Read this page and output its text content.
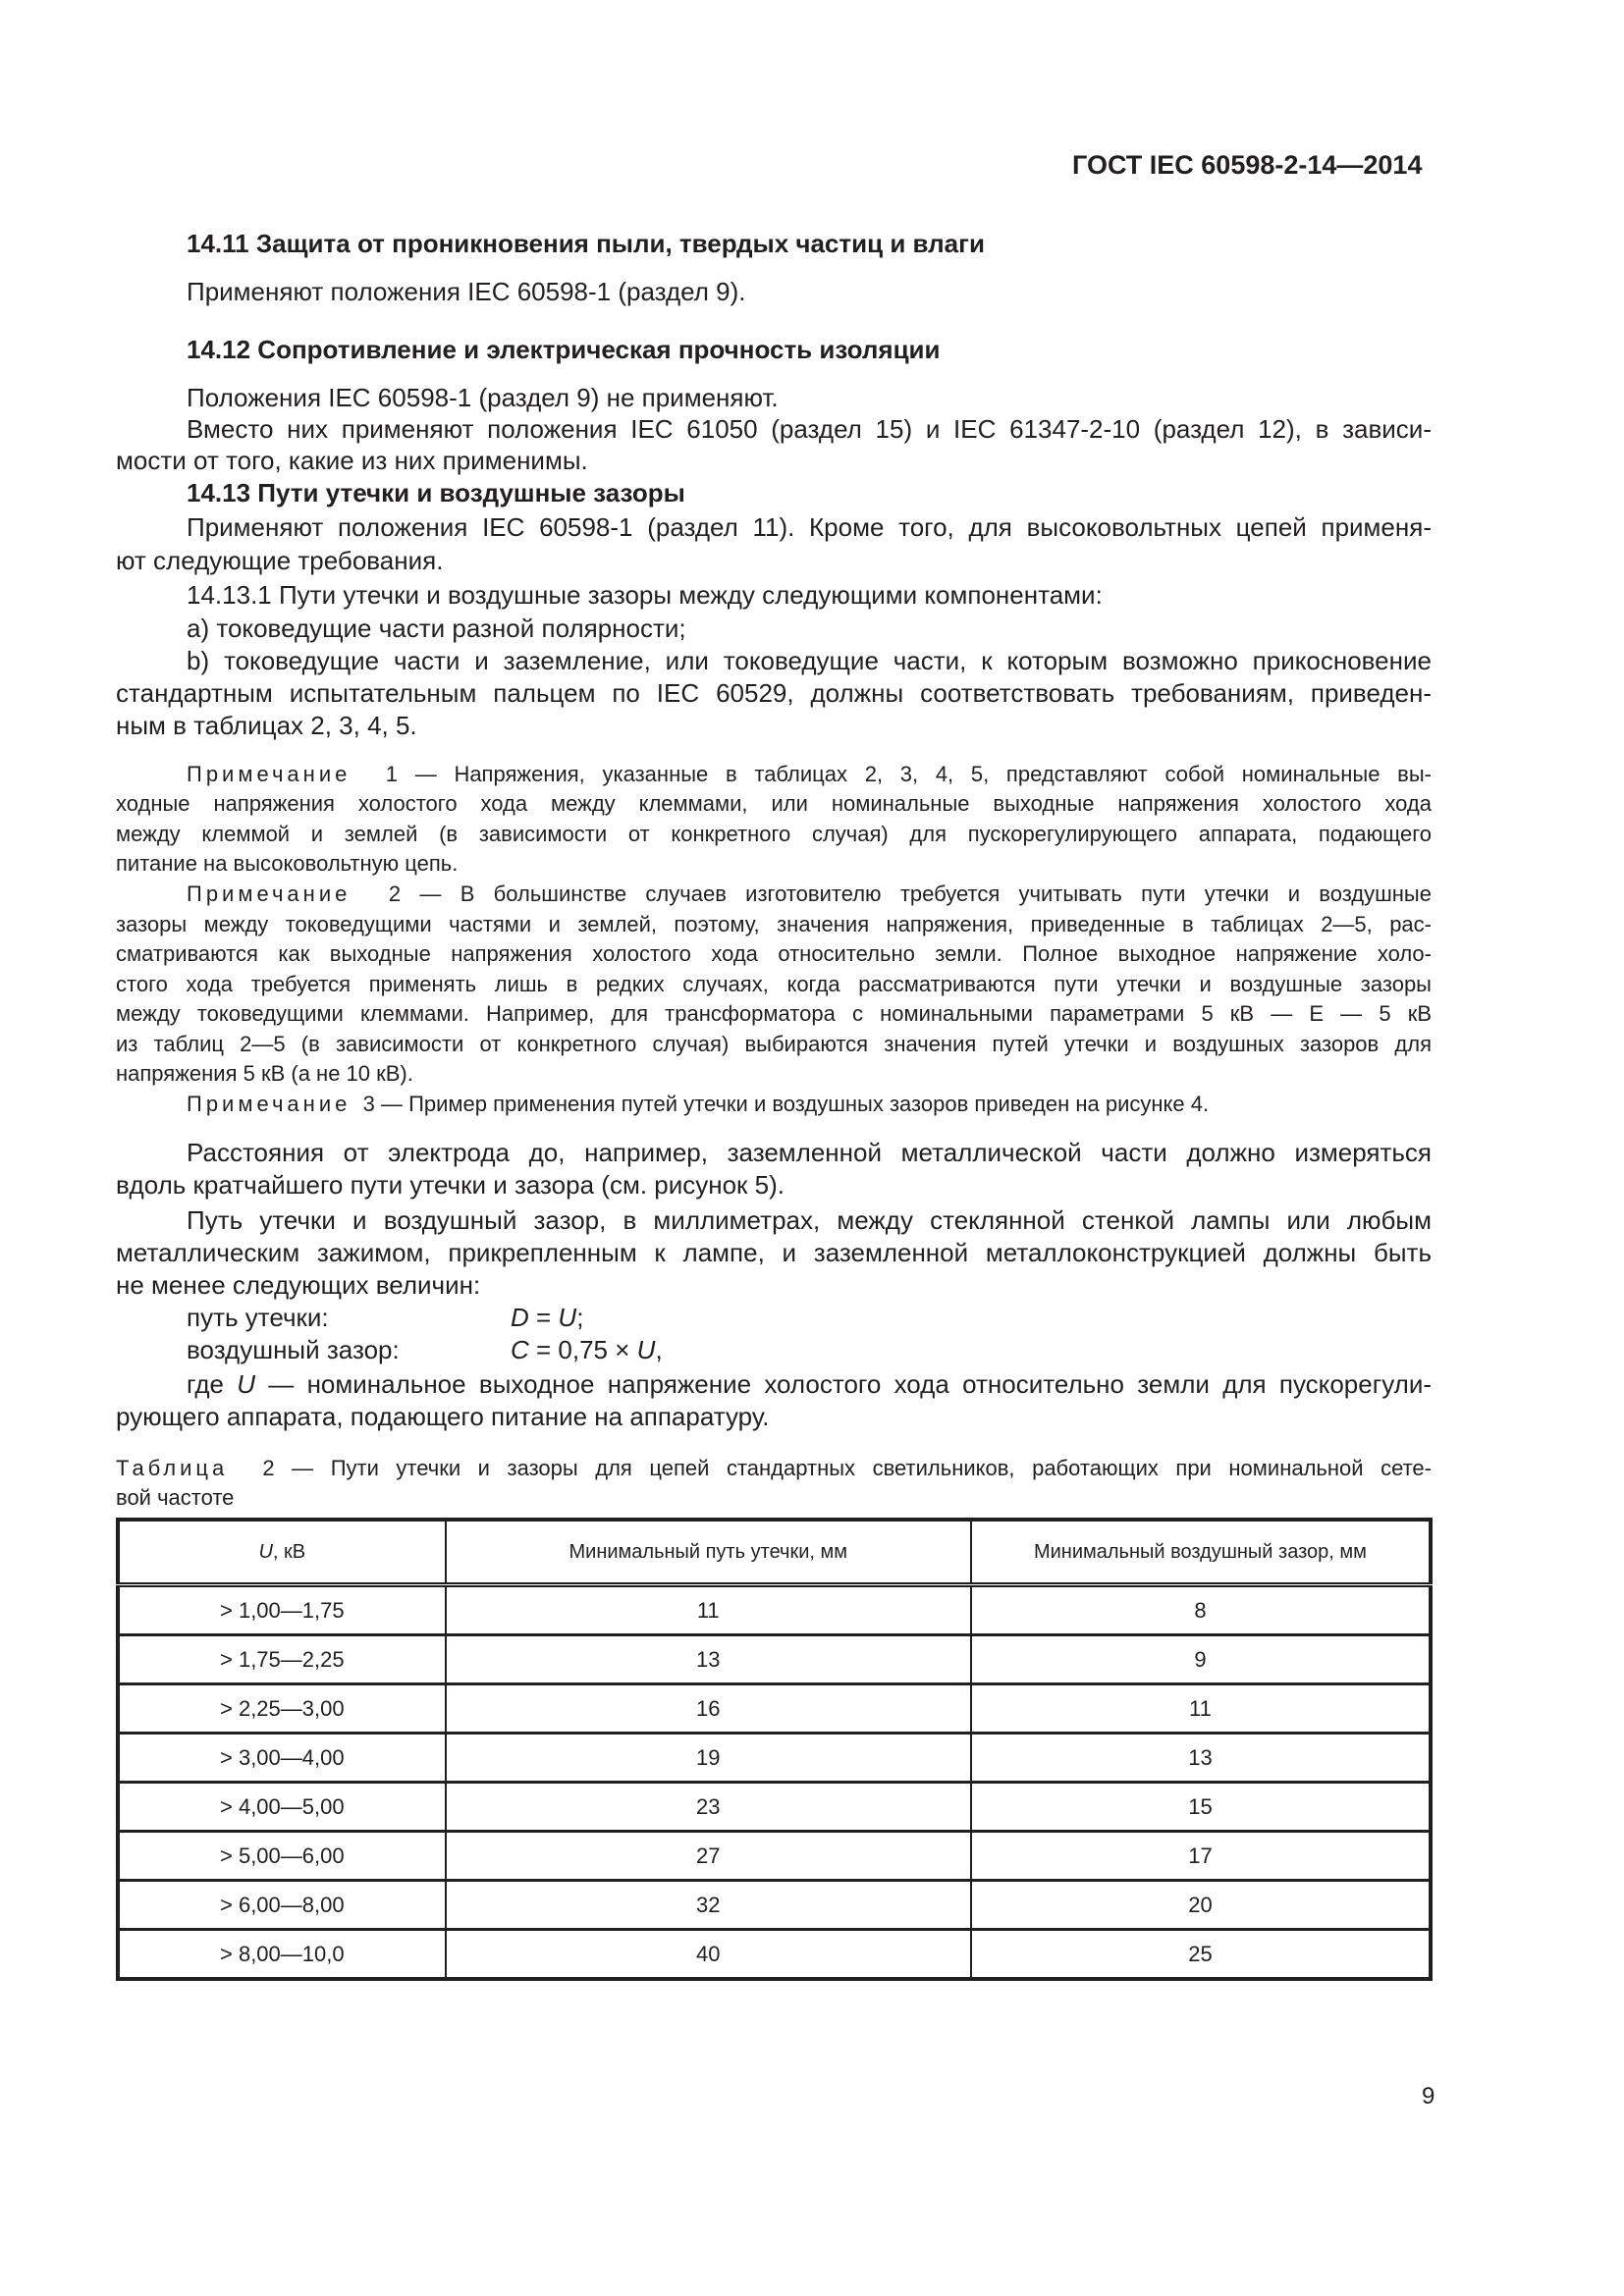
ГОСТ IEC 60598-2-14—2014
14.11 Защита от проникновения пыли, твердых частиц и влаги
Применяют положения IEC 60598-1 (раздел 9).
14.12 Сопротивление и электрическая прочность изоляции
Положения IEC 60598-1 (раздел 9) не применяют.
Вместо них применяют положения IEC 61050 (раздел 15) и IEC 61347-2-10 (раздел 12), в зависи-
мости от того, какие из них применимы.
14.13 Пути утечки и воздушные зазоры
Применяют положения IEC 60598-1 (раздел 11). Кроме того, для высоковольтных цепей применя-
ют следующие требования.
14.13.1 Пути утечки и воздушные зазоры между следующими компонентами:
a) токоведущие части разной полярности;
b) токоведущие части и заземление, или токоведущие части, к которым возможно прикосновение
стандартным испытательным пальцем по IEC 60529, должны соответствовать требованиям, приведен-
ным в таблицах 2, 3, 4, 5.
Примечание 1 — Напряжения, указанные в таблицах 2, 3, 4, 5, представляют собой номинальные вы-
ходные напряжения холостого хода между клеммами, или номинальные выходные напряжения холостого хода
между клеммой и землей (в зависимости от конкретного случая) для пускорегулирующего аппарата, подающего
питание на высоковольтную цепь.
Примечание 2 — В большинстве случаев изготовителю требуется учитывать пути утечки и воздушные
зазоры между токоведущими частями и землей, поэтому, значения напряжения, приведенные в таблицах 2—5, рас-
сматриваются как выходные напряжения холостого хода относительно земли. Полное выходное напряжение холо-
стого хода требуется применять лишь в редких случаях, когда рассматриваются пути утечки и воздушные зазоры
между токоведущими клеммами. Например, для трансформатора с номинальными параметрами 5 кВ — Е — 5 кВ
из таблиц 2—5 (в зависимости от конкретного случая) выбираются значения путей утечки и воздушных зазоров для
напряжения 5 кВ (а не 10 кВ).
Примечание 3 — Пример применения путей утечки и воздушных зазоров приведен на рисунке 4.
Расстояния от электрода до, например, заземленной металлической части должно измеряться
вдоль кратчайшего пути утечки и зазора (см. рисунок 5).
Путь утечки и воздушный зазор, в миллиметрах, между стеклянной стенкой лампы или любым
металлическим зажимом, прикрепленным к лампе, и заземленной металлоконструкцией должны быть
не менее следующих величин:
путь утечки:	D = U;
воздушный зазор:	C = 0,75 × U,
где U — номинальное выходное напряжение холостого хода относительно земли для пускорегули-
рующего аппарата, подающего питание на аппаратуру.
Таблица 2 — Пути утечки и зазоры для цепей стандартных светильников, работающих при номинальной сете-
вой частоте
U, кВ	Минимальный путь утечки, мм	Минимальный воздушный зазор, мм
> 1,00—1,75	11	8
> 1,75—2,25	13	9
> 2,25—3,00	16	11
> 3,00—4,00	19	13
> 4,00—5,00	23	15
> 5,00—6,00	27	17
> 6,00—8,00	32	20
> 8,00—10,0	40	25
9
